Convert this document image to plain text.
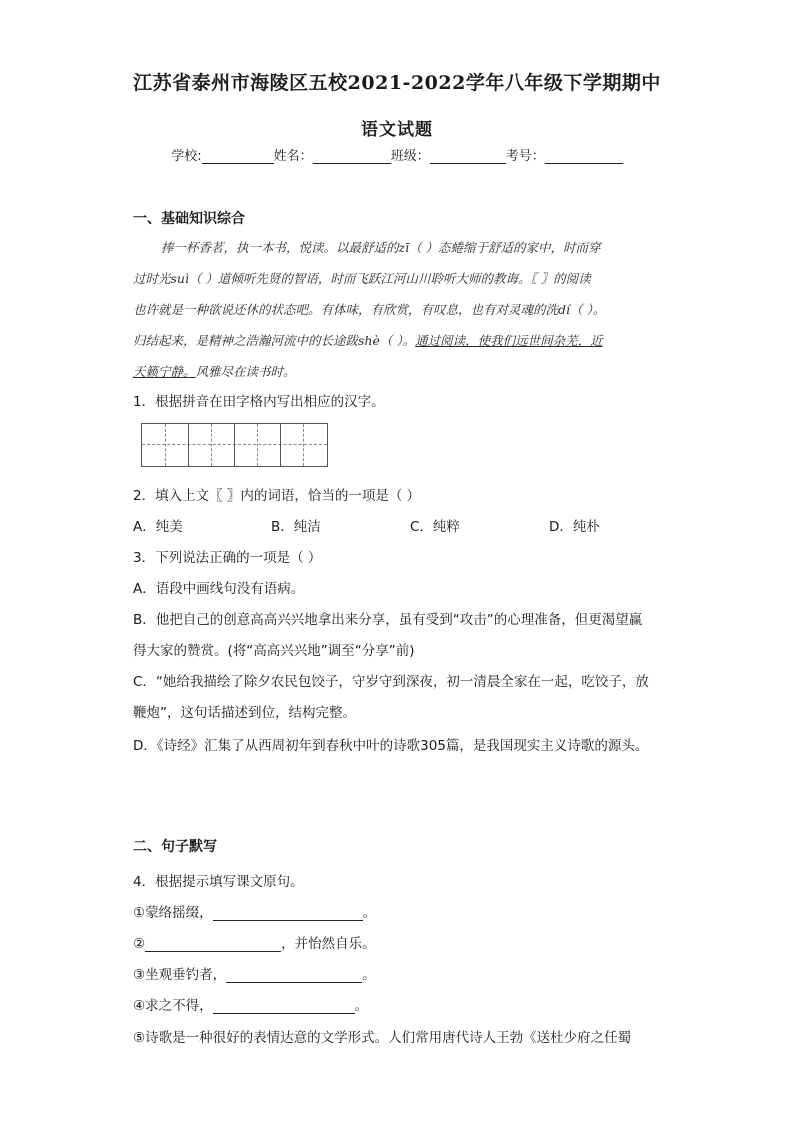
江苏省泰州市海陵区五校2021-2022学年八年级下学期期中
语文试题
学校:	姓名：	班级：	考号：
一、基础知识综合
捧一杯香茗，执一本书，悦读。以最舒适的zī（ ）态蜷缩于舒适的家中，时而穿
过时光suì（ ）道倾听先贤的智语，时而飞跃江河山川聆听大师的教诲。〖 〗的阅读
也许就是一种欲说还休的状态吧。有体味，有欣赏，有叹息，也有对灵魂的洗dí（ ）。
归结起来，是精神之浩瀚河流中的长途跋shè（ ）。通过阅读，使我们远世间杂芜，近
天籁宁静。风雅尽在读书时。
1．根据拼音在田字格内写出相应的汉字。
2．填入上文〖 〗内的词语，恰当的一项是（ ）
A．纯美	B．纯洁	C．纯粹	D．纯朴
3．下列说法正确的一项是（ ）
A．语段中画线句没有语病。
B．他把自己的创意高高兴兴地拿出来分享，虽有受到“攻击”的心理准备，但更渴望赢
得大家的赞赏。(将“高高兴兴地”调至“分享”前)
C．“她给我描绘了除夕农民包饺子，守岁守到深夜，初一清晨全家在一起，吃饺子，放
鞭炮”，这句话描述到位，结构完整。
D．《诗经》汇集了从西周初年到春秋中叶的诗歌305篇，是我国现实主义诗歌的源头。
二、句子默写
4．根据提示填写课文原句。
①蒙络摇缀，	。
②	，并怡然自乐。
③坐观垂钓者，	。
④求之不得，	。
⑤诗歌是一种很好的表情达意的文学形式。人们常用唐代诗人王勃《送杜少府之任蜀
